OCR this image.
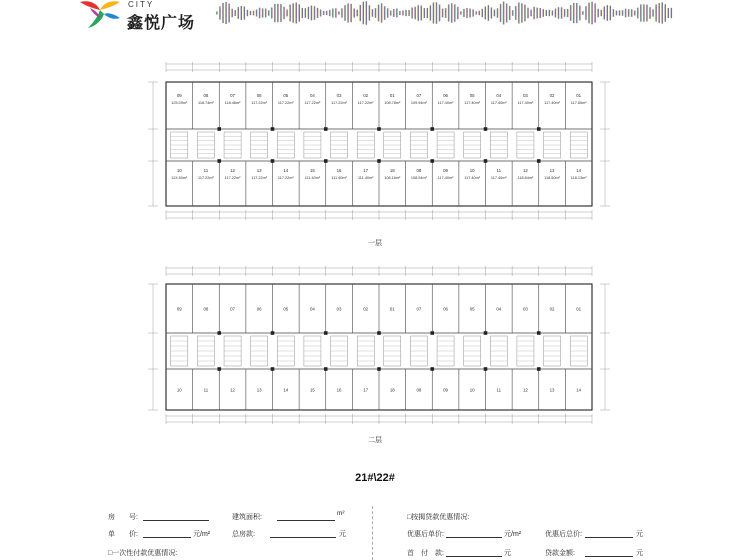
CITY
鑫悦广场
09
125.09m²
10
124.50m²
08
118.74m²
11
117.22m²
07
118.46m²
12
117.22m²
06
117.22m²
13
117.22m²
05
117.22m²
14
117.22m²
04
117.22m²
15
111.40m²
03
117.22m²
16
111.40m²
02
117.22m²
17
111.40m²
01
108.78m²
18
108.16m²
07
109.94m²
08
108.94m²
06
117.40m²
09
117.40m²
05
117.40m²
10
117.40m²
04
117.40m²
11
117.40m²
03
117.40m²
12
118.64m²
02
117.40m²
13
118.50m²
01
117.65m²
14
118.13m²
一层
09
10
08
11
07
12
06
13
05
14
04
15
03
16
02
17
01
18
07
08
06
09
05
10
04
11
03
12
02
13
01
14
二层
21#\22#
房　　号:	建筑面积:
m²
□按揭贷款优惠情况:
单　　价:	元/m²	总房款:	元	优惠后单价:	元/m²	优惠后总价:	元
□一次性付款优惠情况:	首　付　款:	元	贷款金额:	元
